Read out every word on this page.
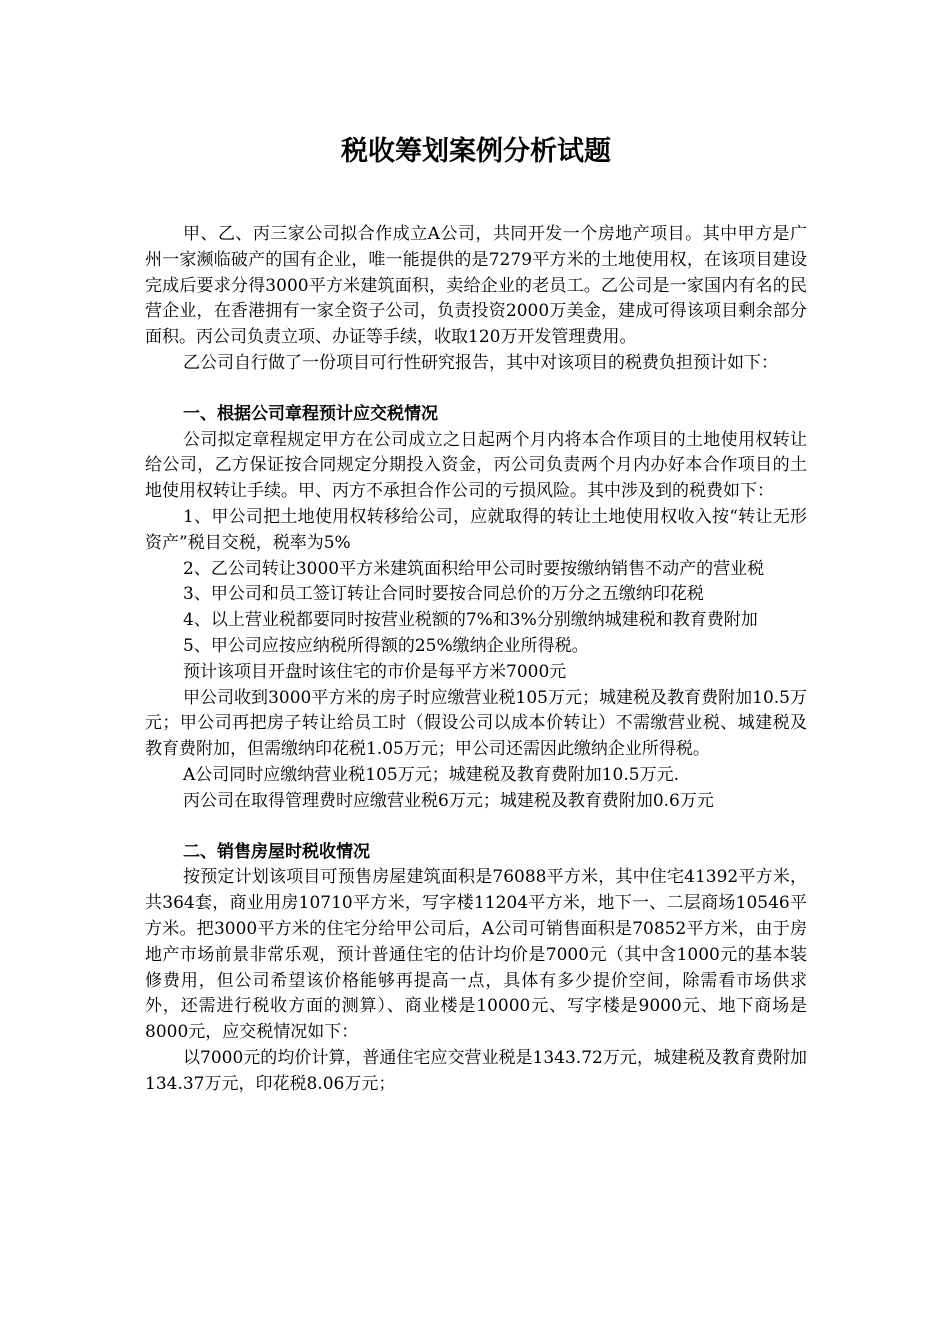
税收筹划案例分析试题

甲、乙、丙三家公司拟合作成立A公司，共同开发一个房地产项目。其中甲方是广州一家濒临破产的国有企业，唯一能提供的是7279平方米的土地使用权，在该项目建设完成后要求分得3000平方米建筑面积，卖给企业的老员工。乙公司是一家国内有名的民营企业，在香港拥有一家全资子公司，负责投资2000万美金，建成可得该项目剩余部分面积。丙公司负责立项、办证等手续，收取120万开发管理费用。

乙公司自行做了一份项目可行性研究报告，其中对该项目的税费负担预计如下：

一、根据公司章程预计应交税情况

公司拟定章程规定甲方在公司成立之日起两个月内将本合作项目的土地使用权转让给公司，乙方保证按合同规定分期投入资金，丙公司负责两个月内办好本合作项目的土地使用权转让手续。甲、丙方不承担合作公司的亏损风险。其中涉及到的税费如下：

1、甲公司把土地使用权转移给公司，应就取得的转让土地使用权收入按“转让无形资产”税目交税，税率为5%

2、乙公司转让3000平方米建筑面积给甲公司时要按缴纳销售不动产的营业税

3、甲公司和员工签订转让合同时要按合同总价的万分之五缴纳印花税

4、以上营业税都要同时按营业税额的7%和3%分别缴纳城建税和教育费附加

5、甲公司应按应纳税所得额的25%缴纳企业所得税。

预计该项目开盘时该住宅的市价是每平方米7000元

甲公司收到3000平方米的房子时应缴营业税105万元；城建税及教育费附加10.5万元；甲公司再把房子转让给员工时（假设公司以成本价转让）不需缴营业税、城建税及教育费附加，但需缴纳印花税1.05万元；甲公司还需因此缴纳企业所得税。

A公司同时应缴纳营业税105万元；城建税及教育费附加10.5万元.

丙公司在取得管理费时应缴营业税6万元；城建税及教育费附加0.6万元

二、销售房屋时税收情况

按预定计划该项目可预售房屋建筑面积是76088平方米，其中住宅41392平方米，共364套，商业用房10710平方米，写字楼11204平方米，地下一、二层商场10546平方米。把3000平方米的住宅分给甲公司后，A公司可销售面积是70852平方米，由于房地产市场前景非常乐观，预计普通住宅的估计均价是7000元（其中含1000元的基本装修费用，但公司希望该价格能够再提高一点，具体有多少提价空间，除需看市场供求外，还需进行税收方面的测算）、商业楼是10000元、写字楼是9000元、地下商场是8000元，应交税情况如下：

以7000元的均价计算，普通住宅应交营业税是1343.72万元，城建税及教育费附加134.37万元，印花税8.06万元；
